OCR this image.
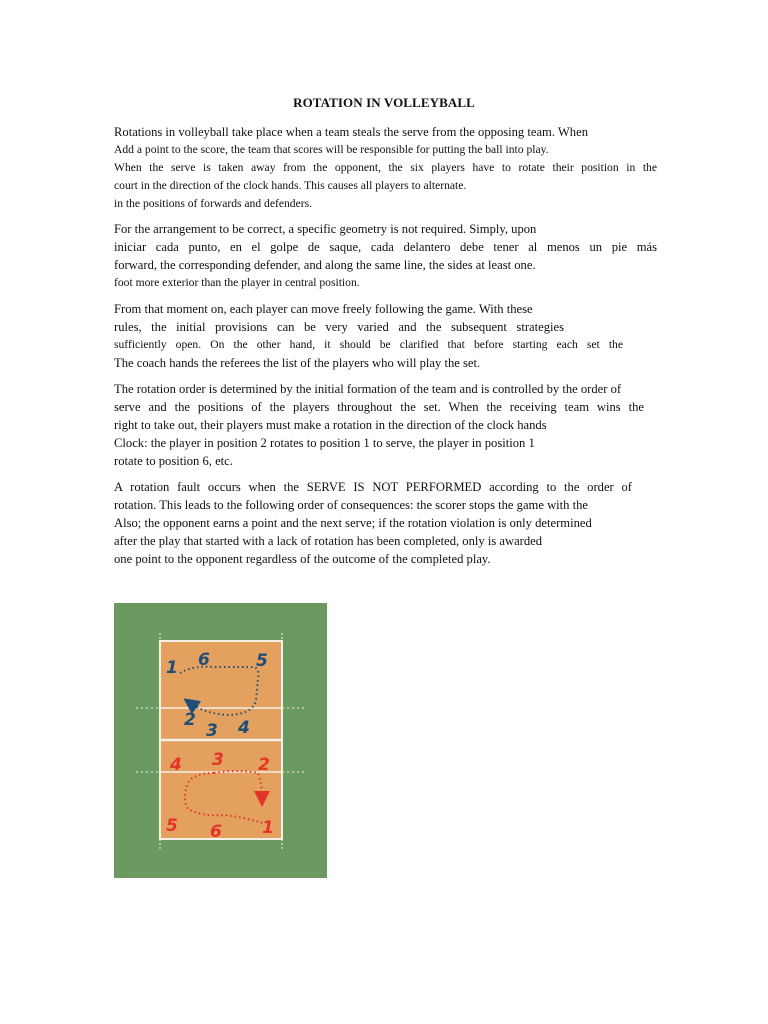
ROTATION IN VOLLEYBALL
Rotations in volleyball take place when a team steals the serve from the opposing team. When
Add a point to the score, the team that scores will be responsible for putting the ball into play.
When the serve is taken away from the opponent, the six players have to rotate their position in the
court in the direction of the clock hands. This causes all players to alternate.
in the positions of forwards and defenders.
For the arrangement to be correct, a specific geometry is not required. Simply, upon
iniciar cada punto, en el golpe de saque, cada delantero debe tener al menos un pie más
forward, the corresponding defender, and along the same line, the sides at least one.
foot more exterior than the player in central position.
From that moment on, each player can move freely following the game. With these
rules, the initial provisions can be very varied and the subsequent strategies
sufficiently open. On the other hand, it should be clarified that before starting each set the
The coach hands the referees the list of the players who will play the set.
The rotation order is determined by the initial formation of the team and is controlled by the order of
serve and the positions of the players throughout the set. When the receiving team wins the
right to take out, their players must make a rotation in the direction of the clock hands
Clock: the player in position 2 rotates to position 1 to serve, the player in position 1
rotate to position 6, etc.
A rotation fault occurs when the SERVE IS NOT PERFORMED according to the order of
rotation. This leads to the following order of consequences: the scorer stops the game with the
Also; the opponent earns a point and the next serve; if the rotation violation is only determined
after the play that started with a lack of rotation has been completed, only is awarded
one point to the opponent regardless of the outcome of the completed play.
1 6	5
2
3 4
4 3 2
5 6 1
